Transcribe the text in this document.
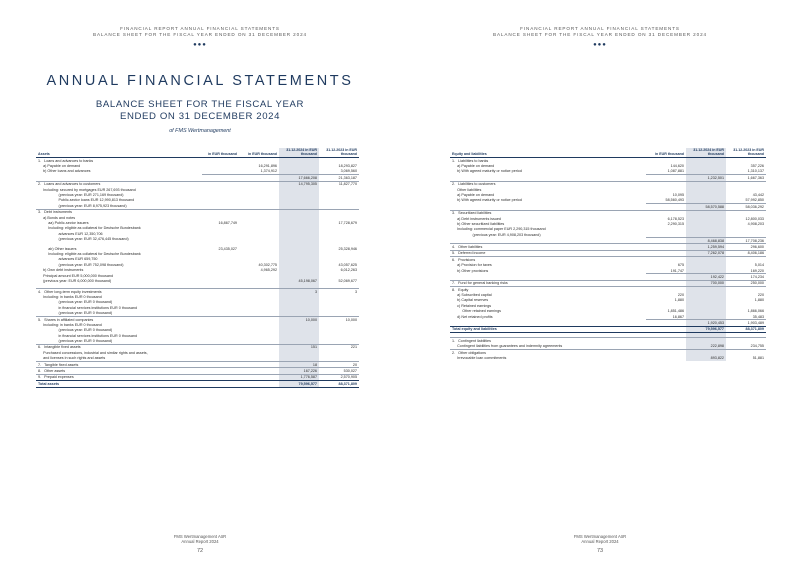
FINANCIAL REPORT ANNUAL FINANCIAL STATEMENTS
BALANCE SHEET FOR THE FISCAL YEAR ENDED ON 31 DECEMBER 2024
●●●
ANNUAL FINANCIAL STATEMENTS
BALANCE SHEET FOR THE FISCAL YEAR
ENDED ON 31 DECEMBER 2024
of FMS Wertmanagement
FMS Wertmanagement AöR
Annual Report 2024
72
FINANCIAL REPORT ANNUAL FINANCIAL STATEMENTS
BALANCE SHEET FOR THE FISCAL YEAR ENDED ON 31 DECEMBER 2024
●●●
FMS Wertmanagement AöR
Annual Report 2024
73
Assets	in EUR thousand	in EUR thousand	31.12.2024 in EUR thousand	31.12.2023 in EUR thousand
1.   Loans and advances to banks				
a) Payable on demand		16,291,896		18,293,827
b) Other loans and advances		1,374,912		3,069,560
			17,666,208	21,363,187
2.   Loans and advances to customers			14,795,305	11,827,770
Including: secured by mortgages EUR 267,693 thousand				
(previous year: EUR 271,169 thousand)				
Public-sector loans EUR 12,990,813 thousand				
(previous year: EUR 8,975,923 thousand)				
3.   Debt instruments				
a) Bonds and notes				
aa) Public-sector issuers	16,867,749			17,728,679
Including: eligible as collateral for Deutsche Bundesbank				
advances EUR 12,350,706				
(previous year: EUR 32,476,445 thousand)				

ab) Other issuers	23,435,027			25,328,946
Including: eligible as collateral for Deutsche Bundesbank				
advances EUR 659,750				
(previous year: EUR 752,098 thousand)		40,302,775		43,057,625
b) Own debt instruments		4,965,292		6,012,263
Principal amount EUR 5,000,000 thousand				
(previous year: EUR 6,000,000 thousand)			45,198,067	52,069,677

4.   Other long-term equity investments			3	3
Including: in banks EUR 0 thousand				
(previous year: EUR 0 thousand)				
in financial services institutions EUR 0 thousand				
(previous year: EUR 0 thousand)				
5.   Shares in affiliated companies			10,000	10,000
Including: in banks EUR 0 thousand				
(previous year: EUR 0 thousand)				
in financial services institutions EUR 0 thousand				
(previous year: EUR 0 thousand)				
6.   Intangible fixed assets			151	221
Purchased concessions, industrial and similar rights and assets,				
and licenses in such rights and assets				
7.   Tangible fixed assets			18	20
8.   Other assets			167,226	530,027
9.   Prepaid expenses			1,776,587	2,570,905
Total assets			79,596,577	88,371,809
Equity and liabilities	in EUR thousand	31.12.2024 in EUR thousand	31.12.2023 in EUR thousand
1.   Liabilities to banks			
a) Payable on demand	144,620		357,226
b) With agreed maturity or notice period	1,087,881		1,310,137
		1,232,501	1,667,363
2.   Liabilities to customers			
Other liabilities			
a) Payable on demand	10,095		43,442
b) With agreed maturity or notice period	58,560,493		57,992,850
		58,570,588	58,036,292
3.   Securitized liabilities			
a) Debt instruments issued	6,178,523		12,800,033
b) Other securitized liabilities	2,290,315		4,908,203
Including: commercial paper EUR 2,290,315 thousand			
(previous year: EUR 4,908,203 thousand)			
		8,468,838	17,708,236
4.   Other liabilities		1,259,594	296,600
5.   Deferred income		7,262,078	8,406,186
6.   Provisions			
a) Provision for taxes	675		5,014
b) Other provisions	191,747		169,220
		192,422	174,234
7.   Fund for general banking risks		700,000	250,000
8.   Equity			
a) Subscribed capital	220		220
b) Capital reserves	1,880		1,880
c) Retained earnings			
Other retained earnings	1,851,486		1,866,066
d) Net retained profits	16,867		35,483
		1,920,453	1,903,489
Total equity and liabilities		79,596,577	88,371,809

1.   Contingent liabilities			
Contingent liabilities from guarantees and indemnity agreements		222,898	234,755
2.   Other obligations			
Irrevocable loan commitments		893,822	51,881
